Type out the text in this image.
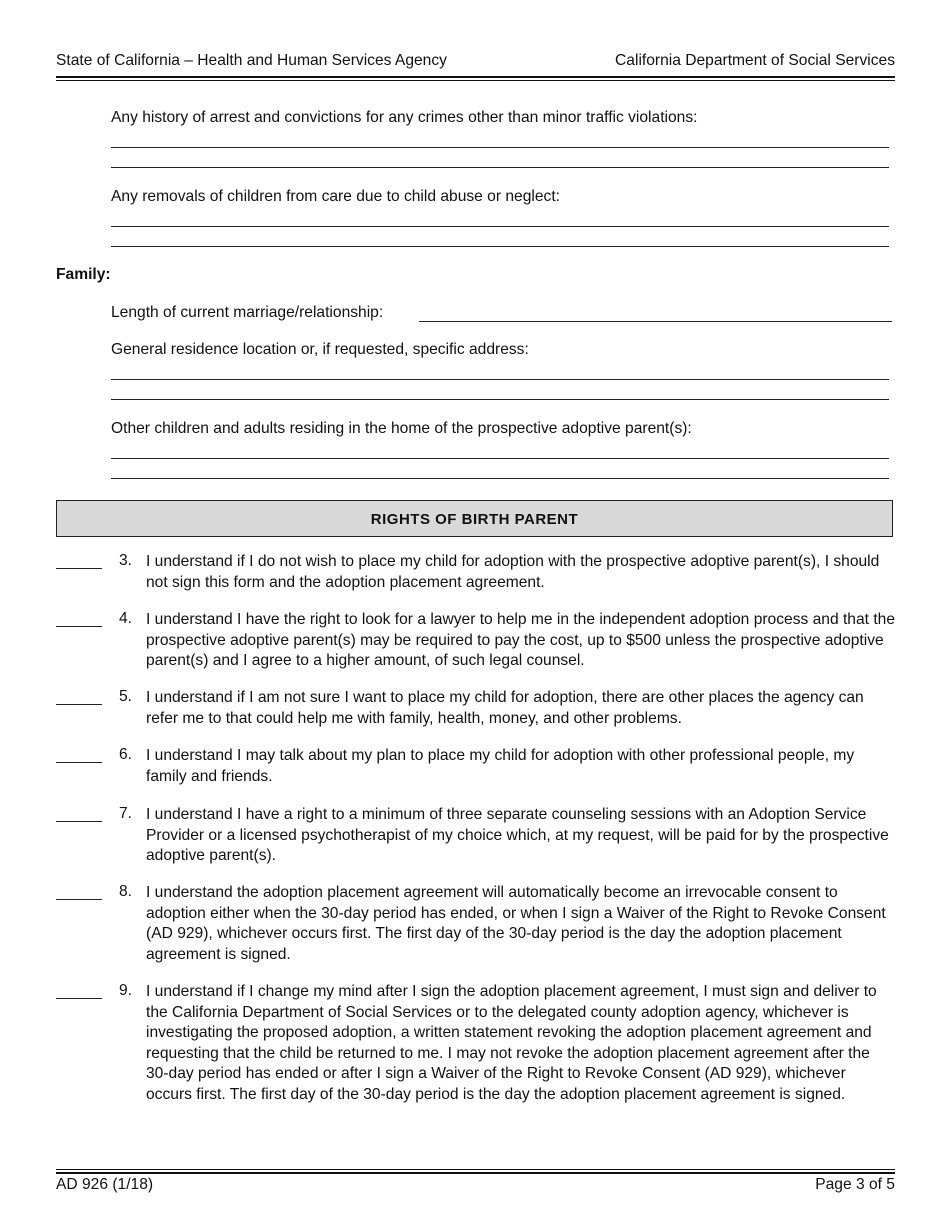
State of California – Health and Human Services Agency	California Department of Social Services
Any history of arrest and convictions for any crimes other than minor traffic violations:
Any removals of children from care due to child abuse or neglect:
Family:
Length of current marriage/relationship:
General residence location or, if requested, specific address:
Other children and adults residing in the home of the prospective adoptive parent(s):
RIGHTS OF BIRTH PARENT
3. I understand if I do not wish to place my child for adoption with the prospective adoptive parent(s), I should not sign this form and the adoption placement agreement.
4. I understand I have the right to look for a lawyer to help me in the independent adoption process and that the prospective adoptive parent(s) may be required to pay the cost, up to $500 unless the prospective adoptive parent(s) and I agree to a higher amount, of such legal counsel.
5. I understand if I am not sure I want to place my child for adoption, there are other places the agency can refer me to that could help me with family, health, money, and other problems.
6. I understand I may talk about my plan to place my child for adoption with other professional people, my family and friends.
7. I understand I have a right to a minimum of three separate counseling sessions with an Adoption Service Provider or a licensed psychotherapist of my choice which, at my request, will be paid for by the prospective adoptive parent(s).
8. I understand the adoption placement agreement will automatically become an irrevocable consent to adoption either when the 30-day period has ended, or when I sign a Waiver of the Right to Revoke Consent (AD 929), whichever occurs first. The first day of the 30-day period is the day the adoption placement agreement is signed.
9. I understand if I change my mind after I sign the adoption placement agreement, I must sign and deliver to the California Department of Social Services or to the delegated county adoption agency, whichever is investigating the proposed adoption, a written statement revoking the adoption placement agreement and requesting that the child be returned to me. I may not revoke the adoption placement agreement after the 30-day period has ended or after I sign a Waiver of the Right to Revoke Consent (AD 929), whichever occurs first. The first day of the 30-day period is the day the adoption placement agreement is signed.
AD 926 (1/18)	Page 3 of 5
